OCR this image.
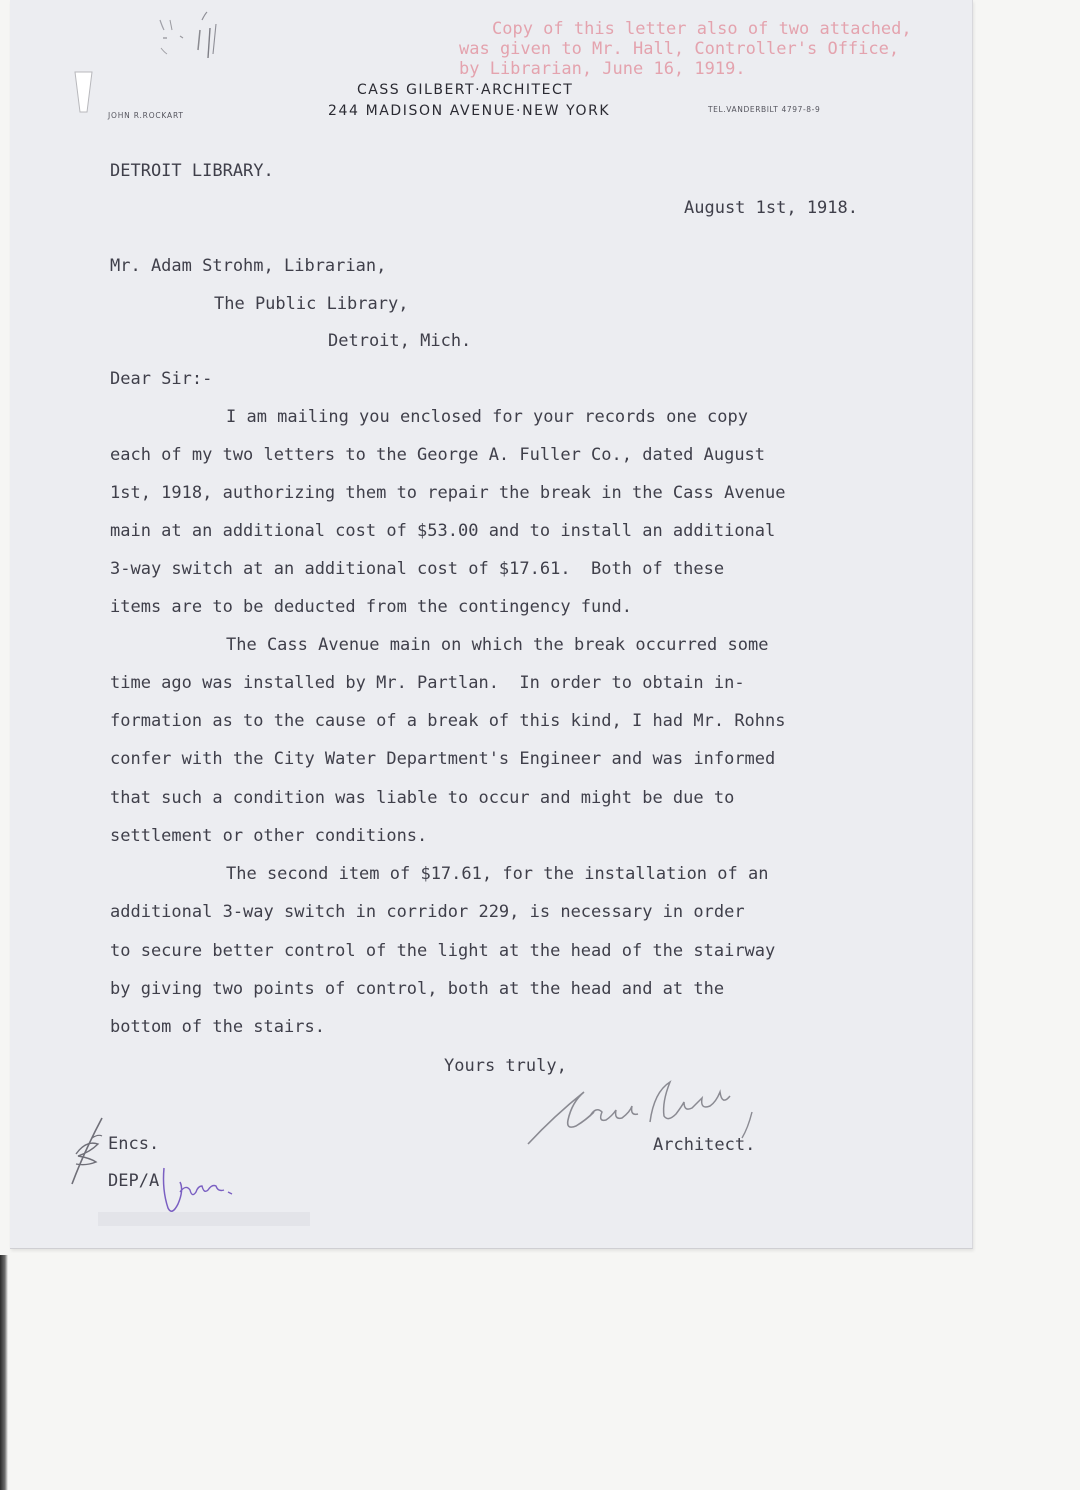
Copy of this letter also of two attached,
was given to Mr. Hall, Controller's Office,
by Librarian, June 16, 1919.
CASS GILBERT·ARCHITECT
244 MADISON AVENUE·NEW YORK
JOHN R.ROCKART
TEL.VANDERBILT 4797-8-9
DETROIT LIBRARY.
August 1st, 1918.
Mr. Adam Strohm, Librarian,
The Public Library,
Detroit, Mich.
Dear Sir:-
I am mailing you enclosed for your records one copy
each of my two letters to the George A. Fuller Co., dated August
1st, 1918, authorizing them to repair the break in the Cass Avenue
main at an additional cost of $53.00 and to install an additional
3-way switch at an additional cost of $17.61.  Both of these
items are to be deducted from the contingency fund.
The Cass Avenue main on which the break occurred some
time ago was installed by Mr. Partlan.  In order to obtain in-
formation as to the cause of a break of this kind, I had Mr. Rohns
confer with the City Water Department's Engineer and was informed
that such a condition was liable to occur and might be due to
settlement or other conditions.
The second item of $17.61, for the installation of an
additional 3-way switch in corridor 229, is necessary in order
to secure better control of the light at the head of the stairway
by giving two points of control, both at the head and at the
bottom of the stairs.
Yours truly,
Architect.
Encs.
DEP/A
